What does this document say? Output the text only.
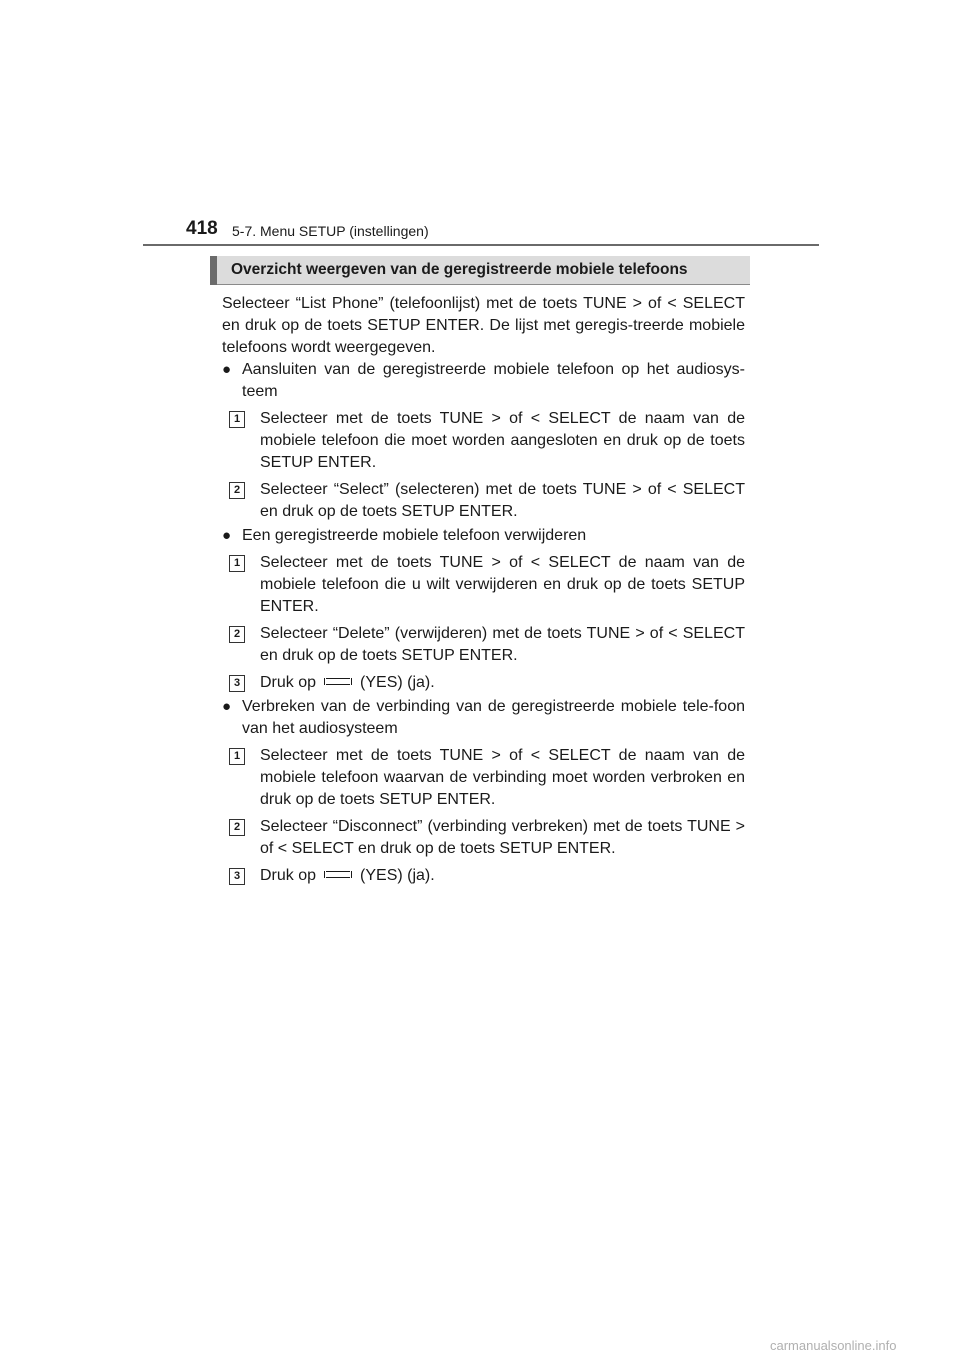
418 5-7. Menu SETUP (instellingen)
Overzicht weergeven van de geregistreerde mobiele telefoons

Selecteer “List Phone” (telefoonlijst) met de toets TUNE > of < SELECT en druk op de toets SETUP ENTER. De lijst met geregis-treerde mobiele telefoons wordt weergegeven.

● Aansluiten van de geregistreerde mobiele telefoon op het audiosys-teem
1	Selecteer met de toets TUNE > of < SELECT de naam van de mobiele telefoon die moet worden aangesloten en druk op de toets SETUP ENTER.
2	Selecteer “Select” (selecteren) met de toets TUNE > of < SELECT en druk op de toets SETUP ENTER.
● Een geregistreerde mobiele telefoon verwijderen
1	Selecteer met de toets TUNE > of < SELECT de naam van de mobiele telefoon die u wilt verwijderen en druk op de toets SETUP ENTER.
2	Selecteer “Delete” (verwijderen) met de toets TUNE > of < SELECT en druk op de toets SETUP ENTER.
3	Druk op	(YES) (ja).
● Verbreken van de verbinding van de geregistreerde mobiele tele-foon van het audiosysteem
1	Selecteer met de toets TUNE > of < SELECT de naam van de mobiele telefoon waarvan de verbinding moet worden verbroken en druk op de toets SETUP ENTER.
2	Selecteer “Disconnect” (verbinding verbreken) met de toets TUNE > of < SELECT en druk op de toets SETUP ENTER.
3	Druk op	(YES) (ja).
carmanualsonline.info
